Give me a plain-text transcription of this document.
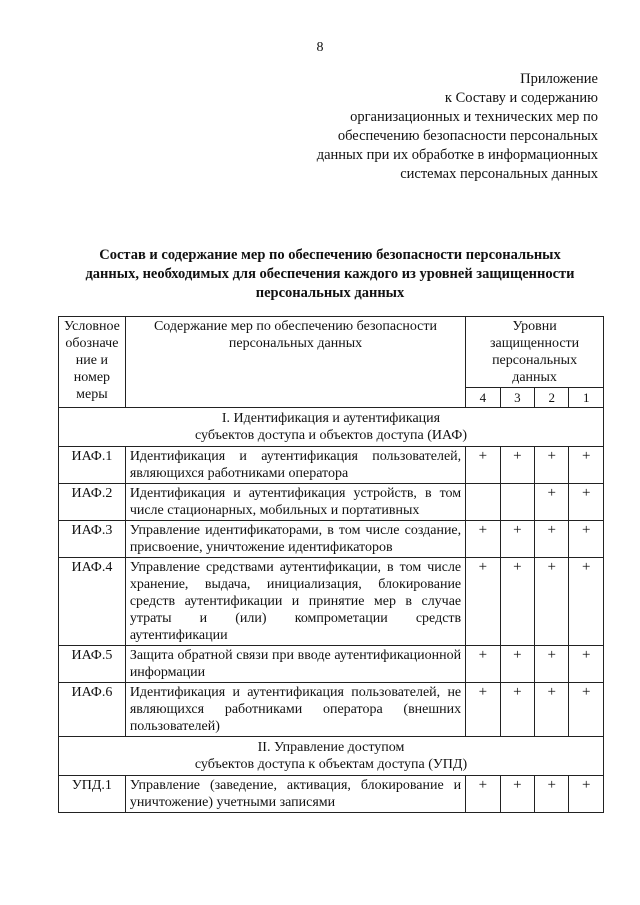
8
Приложение
к Составу и содержанию
организационных и технических мер по
обеспечению безопасности персональных
данных при их обработке в информационных
системах персональных данных
Состав и содержание мер по обеспечению безопасности персональных
данных, необходимых для обеспечения каждого из уровней защищенности
персональных данных
Условное обозначе ние и номер меры	Содержание мер по обеспечению безопасности персональных данных	Уровни защищенности персональных данных			
		4	3	2	1

I. Идентификация и аутентификация
субъектов доступа и объектов доступа (ИАФ)					

ИАФ.1	Идентификация и аутентификация пользователей, являющихся работниками оператора	+	+	+	+
ИАФ.2	Идентификация и аутентификация устройств, в том числе стационарных, мобильных и портативных			+	+
ИАФ.3	Управление идентификаторами, в том числе создание, присвоение, уничтожение идентификаторов	+	+	+	+
ИАФ.4	Управление средствами аутентификации, в том числе хранение, выдача, инициализация, блокирование средств аутентификации и принятие мер в случае утраты и (или) компрометации средств аутентификации	+	+	+	+
ИАФ.5	Защита обратной связи при вводе аутентификационной информации	+	+	+	+
ИАФ.6	Идентификация и аутентификация пользователей, не являющихся работниками оператора (внешних пользователей)	+	+	+	+

II. Управление доступом
субъектов доступа к объектам доступа (УПД)					

УПД.1	Управление (заведение, активация, блокирование и уничтожение) учетными записями	+	+	+	+
